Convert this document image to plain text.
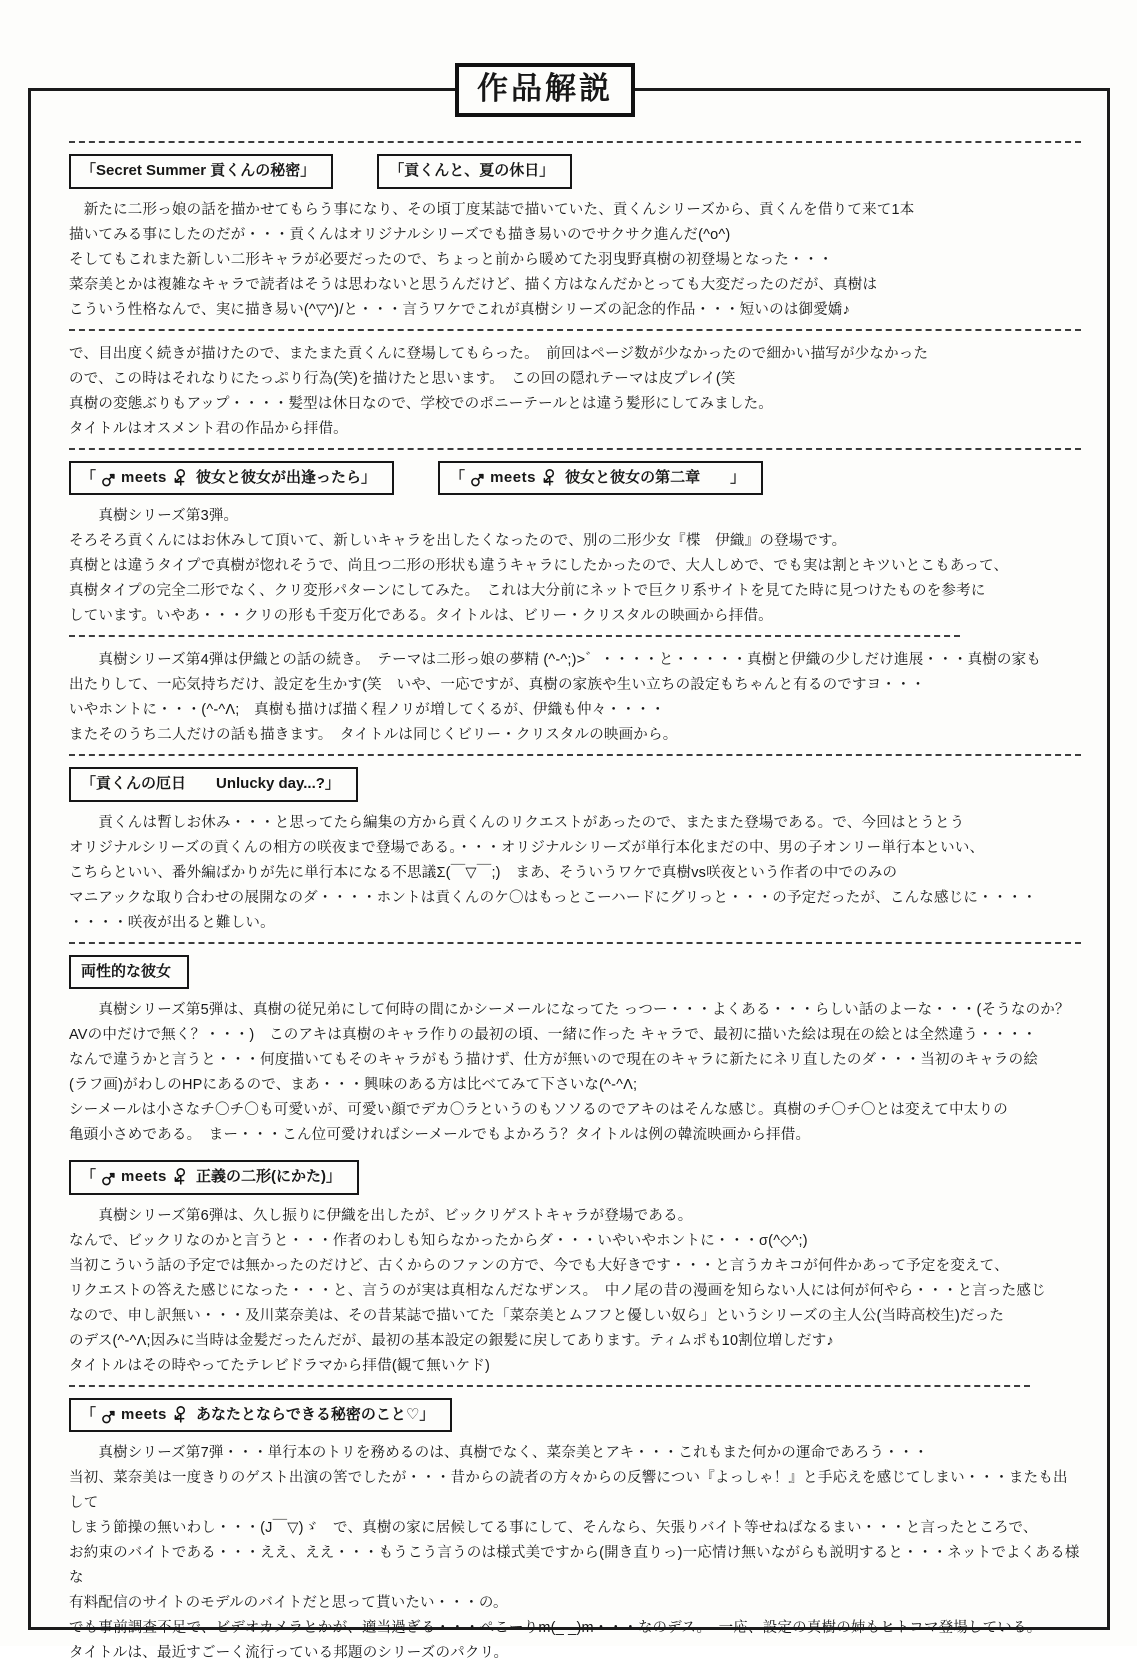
作品解説
「Secret Summer 貢くんの秘密」	「貢くんと、夏の休日」
　新たに二形っ娘の話を描かせてもらう事になり、その頃丁度某誌で描いていた、貢くんシリーズから、貢くんを借りて来て1本
描いてみる事にしたのだが・・・貢くんはオリジナルシリーズでも描き易いのでサクサク進んだ(^o^)
そしてもこれまた新しい二形キャラが必要だったので、ちょっと前から暖めてた羽曳野真樹の初登場となった・・・
菜奈美とかは複雑なキャラで読者はそうは思わないと思うんだけど、描く方はなんだかとっても大変だったのだが、真樹は
こういう性格なんで、実に描き易い(^▽^)/と・・・言うワケでこれが真樹シリーズの記念的作品・・・短いのは御愛嬌♪
で、目出度く続きが描けたので、またまた貢くんに登場してもらった。　前回はページ数が少なかったので細かい描写が少なかった
ので、この時はそれなりにたっぷり行為(笑)を描けたと思います。　この回の隠れテーマは皮プレイ(笑
真樹の変態ぶりもアップ・・・・髪型は休日なので、学校でのポニーテールとは違う髪形にしてみました。
タイトルはオスメント君の作品から拝借。
「 meets 彼女と彼女が出逢ったら」	「 meets 彼女と彼女の第二章　　」
　　真樹シリーズ第3弾。
そろそろ貢くんにはお休みして頂いて、新しいキャラを出したくなったので、別の二形少女『楪　伊織』の登場です。
真樹とは違うタイプで真樹が惚れそうで、尚且つ二形の形状も違うキャラにしたかったので、大人しめで、でも実は割とキツいとこもあって、
真樹タイプの完全二形でなく、クリ変形パターンにしてみた。　これは大分前にネットで巨クリ系サイトを見てた時に見つけたものを参考に
しています。いやあ・・・クリの形も千変万化である。タイトルは、ビリー・クリスタルの映画から拝借。
　　真樹シリーズ第4弾は伊織との話の続き。　テーマは二形っ娘の夢精 (^-^;)>゛・・・・と・・・・・真樹と伊織の少しだけ進展・・・真樹の家も
出たりして、一応気持ちだけ、設定を生かす(笑　いや、一応ですが、真樹の家族や生い立ちの設定もちゃんと有るのですヨ・・・
いやホントに・・・(^-^Λ;　真樹も描けば描く程ノリが増してくるが、伊織も仲々・・・・
またそのうち二人だけの話も描きます。　タイトルは同じくビリー・クリスタルの映画から。
「貢くんの厄日　　Unlucky day...?」
　　貢くんは暫しお休み・・・と思ってたら編集の方から貢くんのリクエストがあったので、またまた登場である。で、今回はとうとう
オリジナルシリーズの貢くんの相方の咲夜まで登場である。・・・オリジナルシリーズが単行本化まだの中、男の子オンリー単行本といい、
こちらといい、番外編ばかりが先に単行本になる不思議Σ(￣▽￣;)　まあ、そういうワケで真樹vs咲夜という作者の中でのみの
マニアックな取り合わせの展開なのダ・・・・ホントは貢くんのケ〇はもっとこーハードにグリっと・・・の予定だったが、こんな感じに・・・・
・・・・咲夜が出ると難しい。
両性的な彼女
　　真樹シリーズ第5弾は、真樹の従兄弟にして何時の間にかシーメールになってた っつー・・・よくある・・・らしい話のよーな・・・(そうなのか？
AVの中だけで無く？・・・)　このアキは真樹のキャラ作りの最初の頃、一緒に作った キャラで、最初に描いた絵は現在の絵とは全然違う・・・・
なんで違うかと言うと・・・何度描いてもそのキャラがもう描けず、仕方が無いので現在のキャラに新たにネリ直したのダ・・・当初のキャラの絵
(ラフ画)がわしのHPにあるので、まあ・・・興味のある方は比べてみて下さいな(^-^Λ;
シーメールは小さなチ〇チ〇も可愛いが、可愛い顔でデカ〇ラというのもソソるのでアキのはそんな感じ。真樹のチ〇チ〇とは変えて中太りの
亀頭小さめである。　まー・・・こん位可愛ければシーメールでもよかろう？タイトルは例の韓流映画から拝借。
「 meets 正義の二形(にかた)」
　　真樹シリーズ第6弾は、久し振りに伊織を出したが、ビックリゲストキャラが登場である。
なんで、ビックリなのかと言うと・・・作者のわしも知らなかったからダ・・・いやいやホントに・・・σ(^◇^;)
当初こういう話の予定では無かったのだけど、古くからのファンの方で、今でも大好きです・・・と言うカキコが何件かあって予定を変えて、
リクエストの答えた感じになった・・・と、言うのが実は真相なんだなザンス。　中ノ尾の昔の漫画を知らない人には何が何やら・・・と言った感じ
なので、申し訳無い・・・及川菜奈美は、その昔某誌で描いてた「菜奈美とムフフと優しい奴ら」というシリーズの主人公(当時高校生)だった
のデス(^-^Λ;因みに当時は金髪だったんだが、最初の基本設定の銀髪に戻してあります。ティムポも10割位増しだす♪
タイトルはその時やってたテレビドラマから拝借(観て無いケド)
「 meets あなたとならできる秘密のこと♡」
　　真樹シリーズ第7弾・・・単行本のトリを務めるのは、真樹でなく、菜奈美とアキ・・・これもまた何かの運命であろう・・・
当初、菜奈美は一度きりのゲスト出演の筈でしたが・・・昔からの読者の方々からの反響につい『よっしゃ！』と手応えを感じてしまい・・・またも出して
しまう節操の無いわし・・・(J￣▽)ゞ　で、真樹の家に居候してる事にして、そんなら、矢張りバイト等せねばなるまい・・・と言ったところで、
お約束のバイトである・・・ええ、ええ・・・もうこう言うのは様式美ですから(開き直りっ)一応情け無いながらも説明すると・・・ネットでよくある様な
有料配信のサイトのモデルのバイトだと思って貰いたい・・・の。
でも事前調査不足で、ビデオカメラとかが、適当過ぎる・・・ぺこーりm(_ _)m・・・なのデス。　一応、設定の真樹の姉もヒトコマ登場している。
タイトルは、最近すごーく流行っている邦題のシリーズのパクリ。
